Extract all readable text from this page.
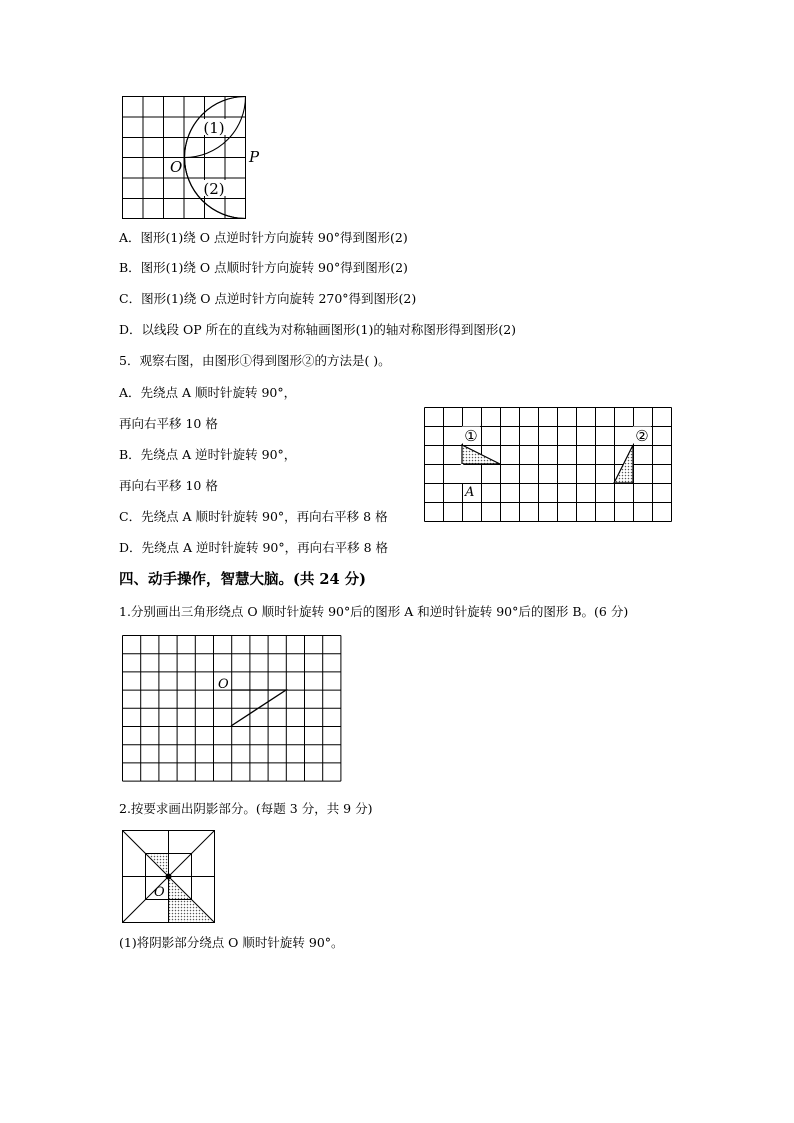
(1)
(2)
O
P
A．图形(1)绕 O 点逆时针方向旋转 90°得到图形(2)
B．图形(1)绕 O 点顺时针方向旋转 90°得到图形(2)
C．图形(1)绕 O 点逆时针方向旋转 270°得到图形(2)
D．以线段 OP 所在的直线为对称轴画图形(1)的轴对称图形得到图形(2)
5．观察右图，由图形①得到图形②的方法是( )。
A．先绕点 A 顺时针旋转 90°，
再向右平移 10 格
B．先绕点 A 逆时针旋转 90°，
再向右平移 10 格
C．先绕点 A 顺时针旋转 90°，再向右平移 8 格
D．先绕点 A 逆时针旋转 90°，再向右平移 8 格
①	②
A
四、动手操作，智慧大脑。(共 24 分)
1.分别画出三角形绕点 O 顺时针旋转 90°后的图形 A 和逆时针旋转 90°后的图形 B。(6 分)
O
2.按要求画出阴影部分。(每题 3 分，共 9 分)
O
(1)将阴影部分绕点 O 顺时针旋转 90°。
